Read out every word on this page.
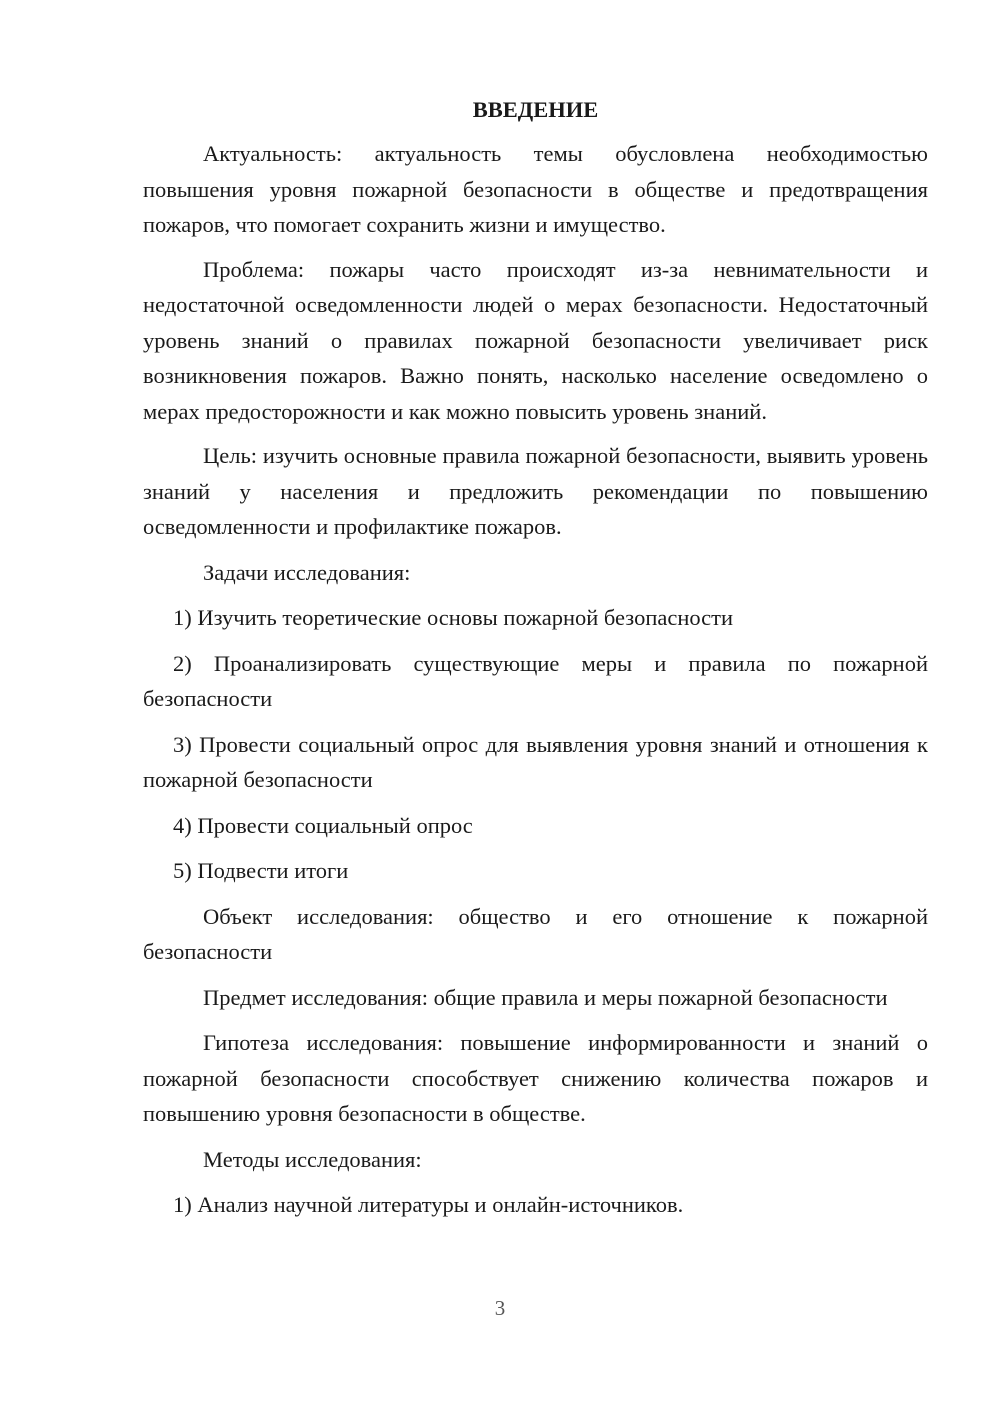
ВВЕДЕНИЕ

Актуальность: актуальность темы обусловлена необходимостью повышения уровня пожарной безопасности в обществе и предотвращения пожаров, что помогает сохранить жизни и имущество.

Проблема: пожары часто происходят из-за невнимательности и недостаточной осведомленности людей о мерах безопасности. Недостаточный уровень знаний о правилах пожарной безопасности увеличивает риск возникновения пожаров. Важно понять, насколько население осведомлено о мерах предосторожности и как можно повысить уровень знаний.

Цель: изучить основные правила пожарной безопасности, выявить уровень знаний у населения и предложить рекомендации по повышению осведомленности и профилактике пожаров.

Задачи исследования:

1) Изучить теоретические основы пожарной безопасности

2) Проанализировать существующие меры и правила по пожарной безопасности

3) Провести социальный опрос для выявления уровня знаний и отношения к пожарной безопасности

4) Провести социальный опрос

5) Подвести итоги

Объект исследования: общество и его отношение к пожарной безопасности

Предмет исследования: общие правила и меры пожарной безопасности

Гипотеза исследования: повышение информированности и знаний о пожарной безопасности способствует снижению количества пожаров и повышению уровня безопасности в обществе.

Методы исследования:

1) Анализ научной литературы и онлайн-источников.

3
